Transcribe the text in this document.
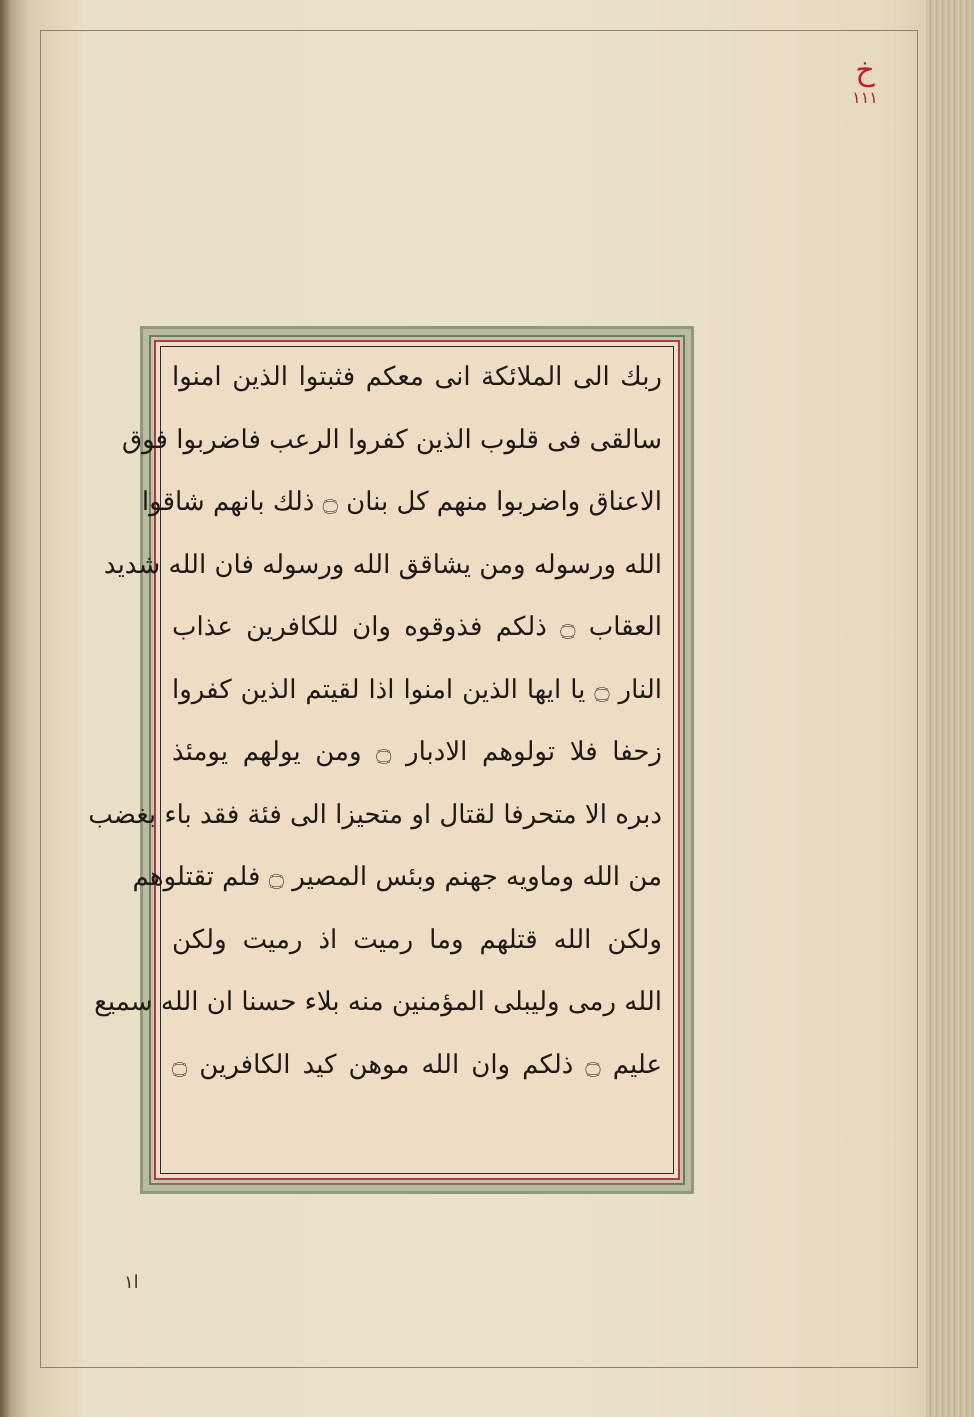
خ
١١١
ربك الى الملائكة انى معكم فثبتوا الذين امنوا
سالقى فى قلوب الذين كفروا الرعب فاضربوا فوق
الاعناق واضربوا منهم كل بنان ۝ ذلك بانهم شاقوا
الله ورسوله ومن يشاقق الله ورسوله فان الله شديد
العقاب ۝ ذلكم فذوقوه وان للكافرين عذاب
النار ۝ يا ايها الذين امنوا اذا لقيتم الذين كفروا
زحفا فلا تولوهم الادبار ۝ ومن يولهم يومئذ
دبره الا متحرفا لقتال او متحيزا الى فئة فقد باء بغضب
من الله وماويه جهنم وبئس المصير ۝ فلم تقتلوهم
ولكن الله قتلهم وما رميت اذ رميت ولكن
الله رمى وليبلى المؤمنين منه بلاء حسنا ان الله سميع
عليم ۝ ذلكم وان الله موهن كيد الكافرين ۝
ا١
